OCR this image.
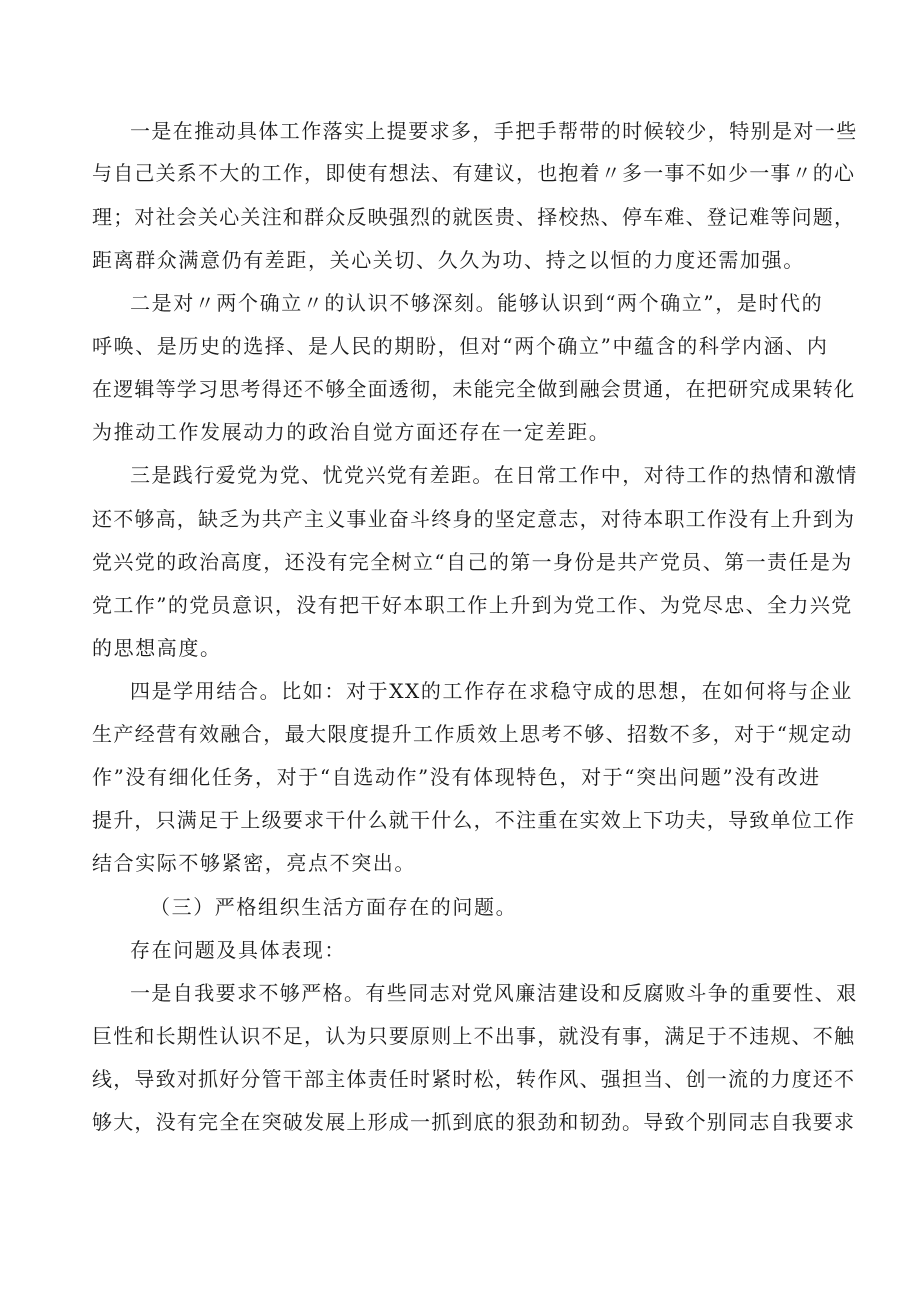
一是在推动具体工作落实上提要求多，手把手帮带的时候较少，特别是对一些
与自己关系不大的工作，即使有想法、有建议，也抱着〃多一事不如少一事〃的心
理；对社会关心关注和群众反映强烈的就医贵、择校热、停车难、登记难等问题，
距离群众满意仍有差距，关心关切、久久为功、持之以恒的力度还需加强。
二是对〃两个确立〃的认识不够深刻。能够认识到“两个确立”，是时代的
呼唤、是历史的选择、是人民的期盼，但对“两个确立”中蕴含的科学内涵、内
在逻辑等学习思考得还不够全面透彻，未能完全做到融会贯通，在把研究成果转化
为推动工作发展动力的政治自觉方面还存在一定差距。
三是践行爱党为党、忧党兴党有差距。在日常工作中，对待工作的热情和激情
还不够高，缺乏为共产主义事业奋斗终身的坚定意志，对待本职工作没有上升到为
党兴党的政治高度，还没有完全树立“自己的第一身份是共产党员、第一责任是为
党工作”的党员意识，没有把干好本职工作上升到为党工作、为党尽忠、全力兴党
的思想高度。
四是学用结合。比如：对于XX的工作存在求稳守成的思想，在如何将与企业
生产经营有效融合，最大限度提升工作质效上思考不够、招数不多，对于“规定动
作”没有细化任务，对于“自选动作”没有体现特色，对于“突出问题”没有改进
提升，只满足于上级要求干什么就干什么，不注重在实效上下功夫，导致单位工作
结合实际不够紧密，亮点不突出。
（三）严格组织生活方面存在的问题。
存在问题及具体表现：
一是自我要求不够严格。有些同志对党风廉洁建设和反腐败斗争的重要性、艰
巨性和长期性认识不足，认为只要原则上不出事，就没有事，满足于不违规、不触
线，导致对抓好分管干部主体责任时紧时松，转作风、强担当、创一流的力度还不
够大，没有完全在突破发展上形成一抓到底的狠劲和韧劲。导致个别同志自我要求
